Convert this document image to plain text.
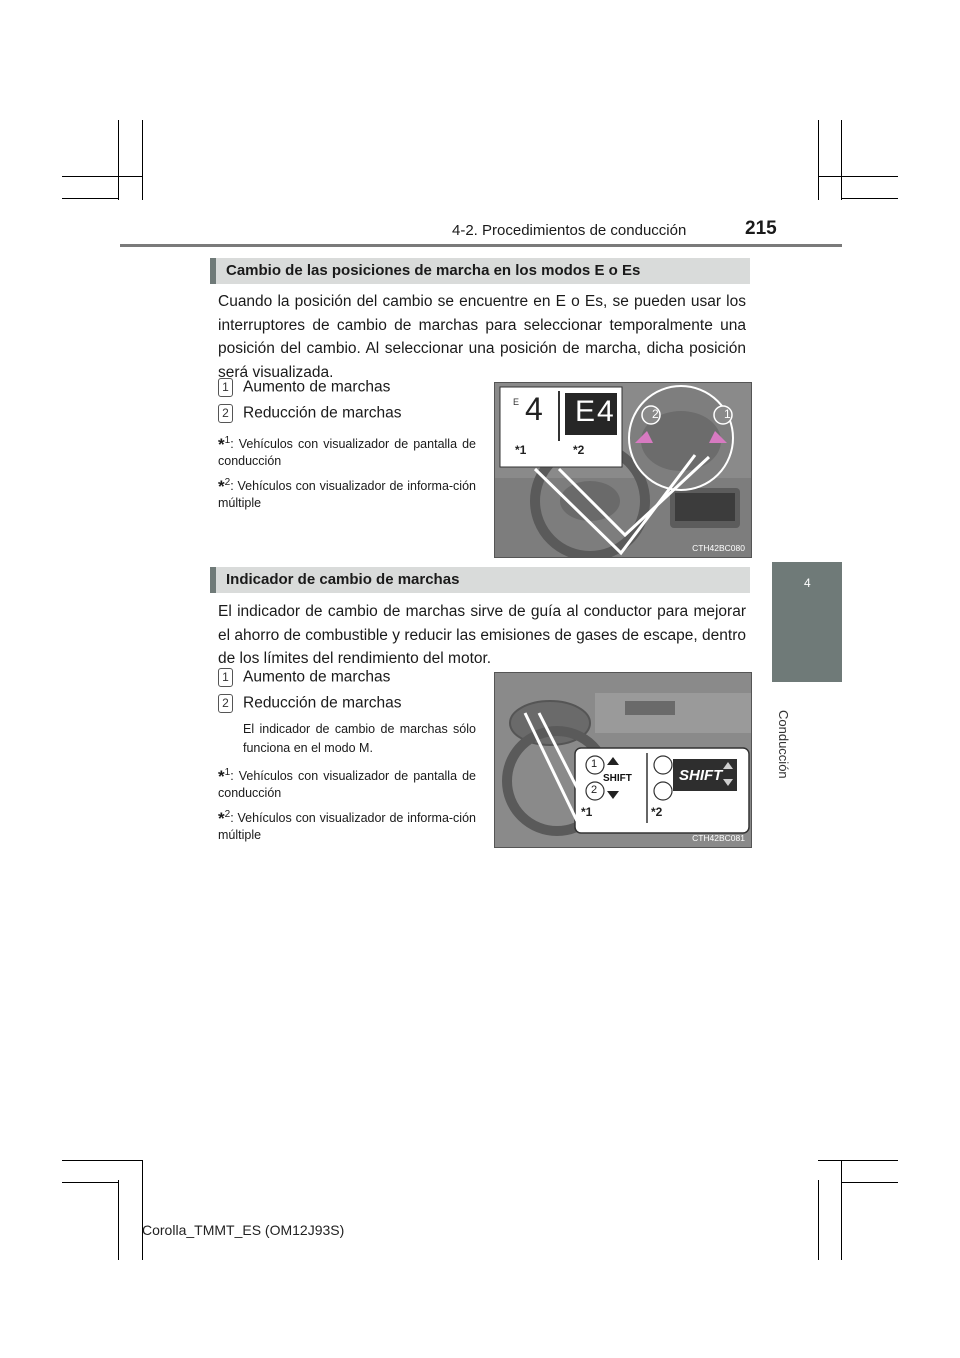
4-2. Procedimientos de conducción	215
4
Conducción
Cambio de las posiciones de marcha en los modos E o Es
Cuando la posición del cambio se encuentre en E o Es, se pueden usar los interruptores de cambio de marchas para seleccionar temporalmente una posición del cambio. Al seleccionar una posición de marcha, dicha posición será visualizada.
1 Aumento de marchas
2 Reducción de marchas
*$^1$: Vehículos con visualizador de pantalla de conducción
*$^2$: Vehículos con visualizador de informa-ción múltiple
E 4 E4
*1	*2
2	1
CTH42BC080
Indicador de cambio de marchas
El indicador de cambio de marchas sirve de guía al conductor para mejorar el ahorro de combustible y reducir las emisiones de gases de escape, dentro de los límites del rendimiento del motor.
1 Aumento de marchas
2 Reducción de marchas
El indicador de cambio de marchas sólo funciona en el modo M.
*$^1$: Vehículos con visualizador de pantalla de conducción
*$^2$: Vehículos con visualizador de informa-ción múltiple
SHIFT	SHIFT
*1	*2
1
2
CTH42BC081
Corolla_TMMT_ES (OM12J93S)
